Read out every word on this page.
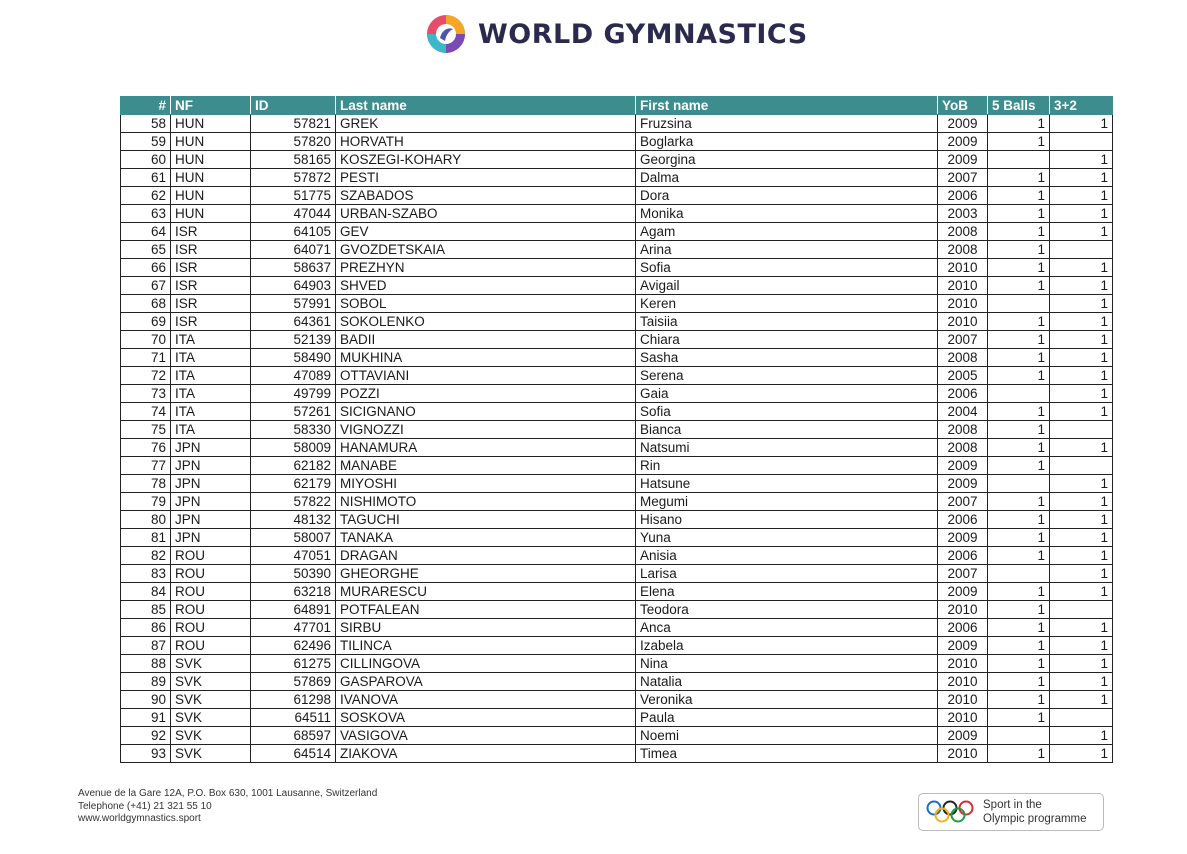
WORLD GYMNASTICS
#	NF	ID	Last name	First name	YoB	5 Balls	3+2
58	HUN	57821	GREK	Fruzsina	2009	1	1
59	HUN	57820	HORVATH	Boglarka	2009	1	
60	HUN	58165	KOSZEGI-KOHARY	Georgina	2009		1
61	HUN	57872	PESTI	Dalma	2007	1	1
62	HUN	51775	SZABADOS	Dora	2006	1	1
63	HUN	47044	URBAN-SZABO	Monika	2003	1	1
64	ISR	64105	GEV	Agam	2008	1	1
65	ISR	64071	GVOZDETSKAIA	Arina	2008	1	
66	ISR	58637	PREZHYN	Sofia	2010	1	1
67	ISR	64903	SHVED	Avigail	2010	1	1
68	ISR	57991	SOBOL	Keren	2010		1
69	ISR	64361	SOKOLENKO	Taisiia	2010	1	1
70	ITA	52139	BADII	Chiara	2007	1	1
71	ITA	58490	MUKHINA	Sasha	2008	1	1
72	ITA	47089	OTTAVIANI	Serena	2005	1	1
73	ITA	49799	POZZI	Gaia	2006		1
74	ITA	57261	SICIGNANO	Sofia	2004	1	1
75	ITA	58330	VIGNOZZI	Bianca	2008	1	
76	JPN	58009	HANAMURA	Natsumi	2008	1	1
77	JPN	62182	MANABE	Rin	2009	1	
78	JPN	62179	MIYOSHI	Hatsune	2009		1
79	JPN	57822	NISHIMOTO	Megumi	2007	1	1
80	JPN	48132	TAGUCHI	Hisano	2006	1	1
81	JPN	58007	TANAKA	Yuna	2009	1	1
82	ROU	47051	DRAGAN	Anisia	2006	1	1
83	ROU	50390	GHEORGHE	Larisa	2007		1
84	ROU	63218	MURARESCU	Elena	2009	1	1
85	ROU	64891	POTFALEAN	Teodora	2010	1	
86	ROU	47701	SIRBU	Anca	2006	1	1
87	ROU	62496	TILINCA	Izabela	2009	1	1
88	SVK	61275	CILLINGOVA	Nina	2010	1	1
89	SVK	57869	GASPAROVA	Natalia	2010	1	1
90	SVK	61298	IVANOVA	Veronika	2010	1	1
91	SVK	64511	SOSKOVA	Paula	2010	1	
92	SVK	68597	VASIGOVA	Noemi	2009		1
93	SVK	64514	ZIAKOVA	Timea	2010	1	1
Avenue de la Gare 12A, P.O. Box 630, 1001 Lausanne, Switzerland
Telephone (+41) 21 321 55 10
www.worldgymnastics.sport
Sport in the
Olympic programme
